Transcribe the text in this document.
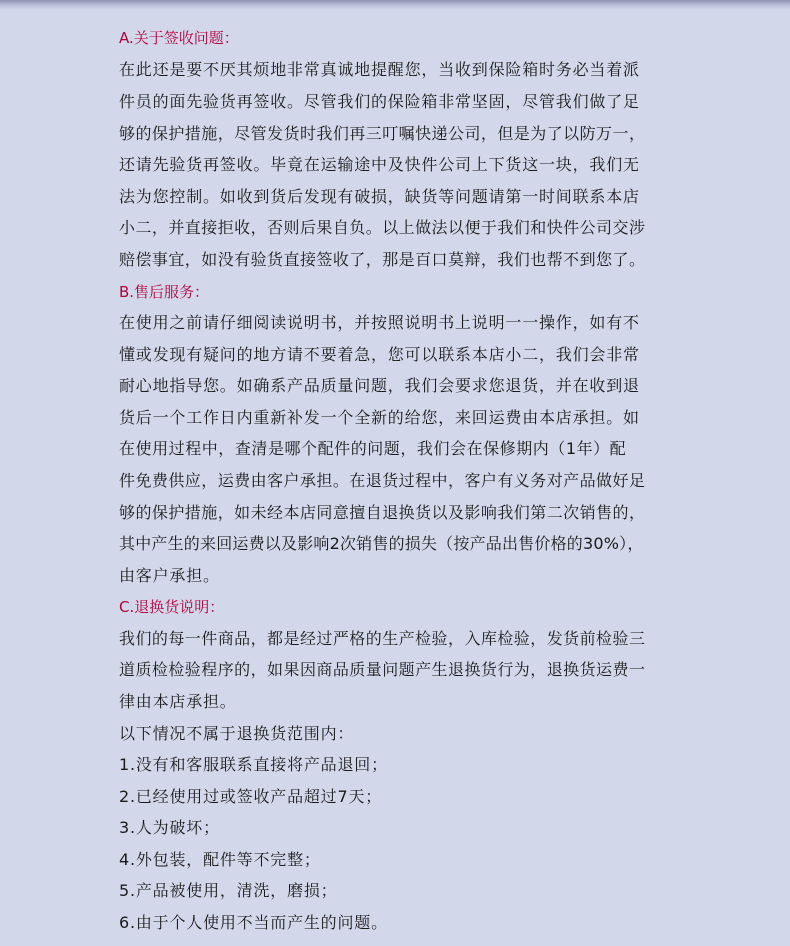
A.关于签收问题：
在此还是要不厌其烦地非常真诚地提醒您，当收到保险箱时务必当着派
件员的面先验货再签收。尽管我们的保险箱非常坚固，尽管我们做了足
够的保护措施，尽管发货时我们再三叮嘱快递公司，但是为了以防万一，
还请先验货再签收。毕竟在运输途中及快件公司上下货这一块，我们无
法为您控制。如收到货后发现有破损，缺货等问题请第一时间联系本店
小二，并直接拒收，否则后果自负。以上做法以便于我们和快件公司交涉
赔偿事宜，如没有验货直接签收了，那是百口莫辩，我们也帮不到您了。
B.售后服务：
在使用之前请仔细阅读说明书，并按照说明书上说明一一操作，如有不
懂或发现有疑问的地方请不要着急，您可以联系本店小二，我们会非常
耐心地指导您。如确系产品质量问题，我们会要求您退货，并在收到退
货后一个工作日内重新补发一个全新的给您，来回运费由本店承担。如
在使用过程中，查清是哪个配件的问题，我们会在保修期内（1年）配
件免费供应，运费由客户承担。在退货过程中，客户有义务对产品做好足
够的保护措施，如未经本店同意擅自退换货以及影响我们第二次销售的，
其中产生的来回运费以及影响2次销售的损失（按产品出售价格的30%），
由客户承担。
C.退换货说明：
我们的每一件商品，都是经过严格的生产检验，入库检验，发货前检验三
道质检检验程序的，如果因商品质量问题产生退换货行为，退换货运费一
律由本店承担。
以下情况不属于退换货范围内：
1.没有和客服联系直接将产品退回；
2.已经使用过或签收产品超过7天；
3.人为破坏；
4.外包装，配件等不完整；
5.产品被使用，清洗，磨损；
6.由于个人使用不当而产生的问题。
